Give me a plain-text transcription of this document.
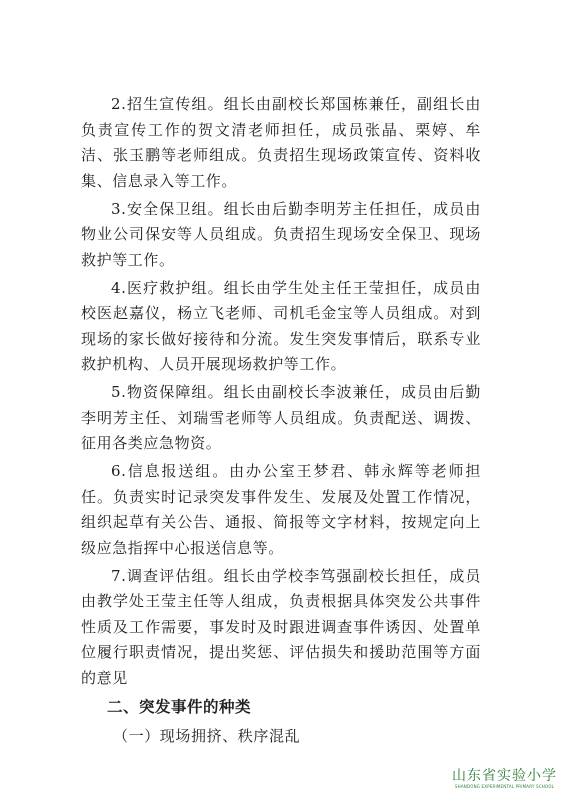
2.招生宣传组。组长由副校长郑国栋兼任，副组长由负责宣传工作的贺文清老师担任，成员张晶、栗婷、牟洁、张玉鹏等老师组成。负责招生现场政策宣传、资料收集、信息录入等工作。

3.安全保卫组。组长由后勤李明芳主任担任，成员由物业公司保安等人员组成。负责招生现场安全保卫、现场救护等工作。

4.医疗救护组。组长由学生处主任王莹担任，成员由校医赵嘉仪，杨立飞老师、司机毛金宝等人员组成。对到现场的家长做好接待和分流。发生突发事情后，联系专业救护机构、人员开展现场救护等工作。

5.物资保障组。组长由副校长李波兼任，成员由后勤李明芳主任、刘瑞雪老师等人员组成。负责配送、调拨、征用各类应急物资。

6.信息报送组。由办公室王梦君、韩永辉等老师担任。负责实时记录突发事件发生、发展及处置工作情况，组织起草有关公告、通报、简报等文字材料，按规定向上级应急指挥中心报送信息等。

7.调查评估组。组长由学校李笃强副校长担任，成员由教学处王莹主任等人组成，负责根据具体突发公共事件性质及工作需要，事发时及时跟进调查事件诱因、处置单位履行职责情况，提出奖惩、评估损失和援助范围等方面的意见

二、突发事件的种类

（一）现场拥挤、秩序混乱

山东省实验小学
SHANDONG EXPERIMENTAL PRIMARY SCHOOL
